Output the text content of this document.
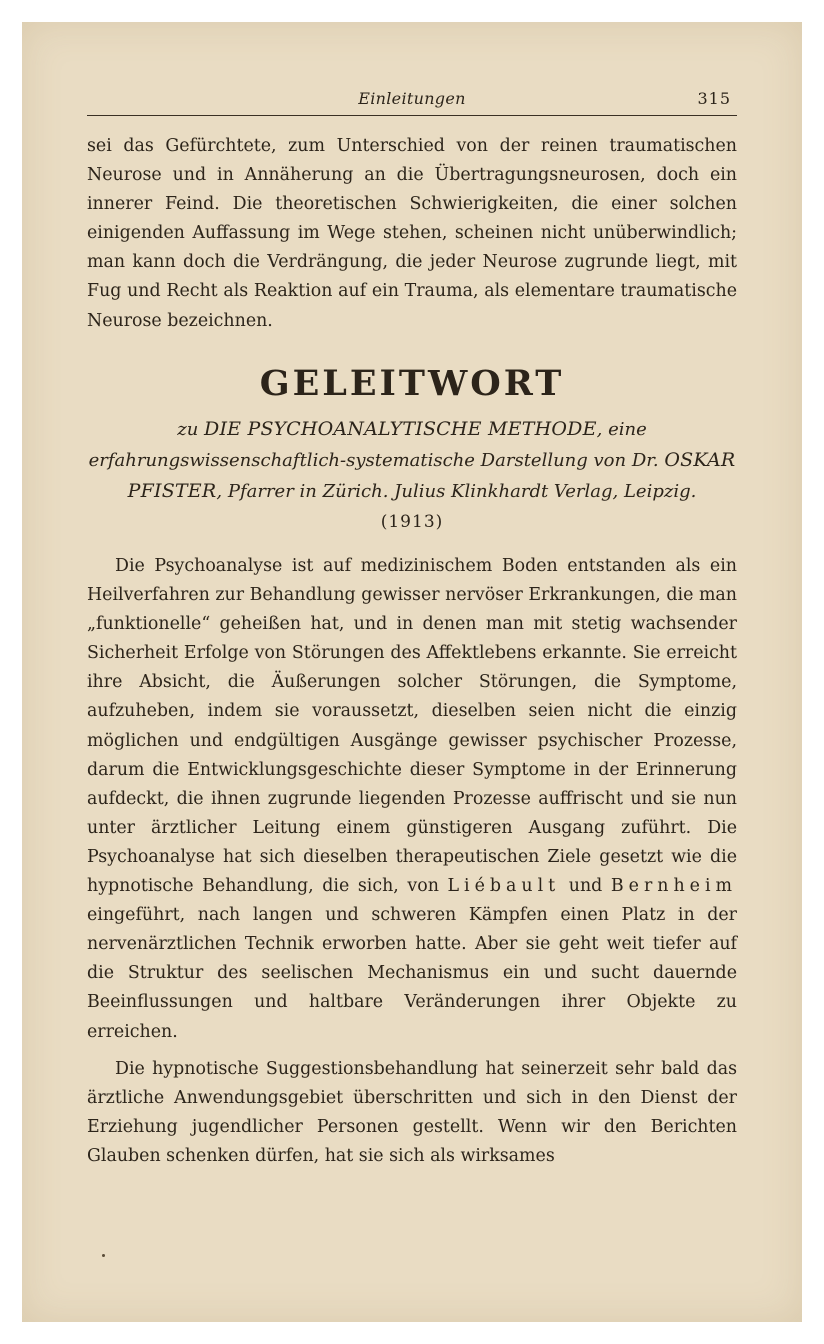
Einleitungen	315

sei das Gefürchtete, zum Unterschied von der reinen traumatischen Neurose und in Annäherung an die Übertragungsneurosen, doch ein innerer Feind. Die theoretischen Schwierigkeiten, die einer solchen einigenden Auffassung im Wege stehen, scheinen nicht unüberwindlich; man kann doch die Verdrängung, die jeder Neurose zugrunde liegt, mit Fug und Recht als Reaktion auf ein Trauma, als elementare traumatische Neurose bezeichnen.

GELEITWORT

zu DIE PSYCHOANALYTISCHE METHODE, eine erfahrungswissenschaftlich-systematische Darstellung von Dr. OSKAR PFISTER, Pfarrer in Zürich. Julius Klinkhardt Verlag, Leipzig.

(1913)

Die Psychoanalyse ist auf medizinischem Boden entstanden als ein Heilverfahren zur Behandlung gewisser nervöser Erkrankungen, die man „funktionelle“ geheißen hat, und in denen man mit stetig wachsender Sicherheit Erfolge von Störungen des Affektlebens erkannte. Sie erreicht ihre Absicht, die Äußerungen solcher Störungen, die Symptome, aufzuheben, indem sie voraussetzt, dieselben seien nicht die einzig möglichen und endgültigen Ausgänge gewisser psychischer Prozesse, darum die Entwicklungsgeschichte dieser Symptome in der Erinnerung aufdeckt, die ihnen zugrunde liegenden Prozesse auffrischt und sie nun unter ärztlicher Leitung einem günstigeren Ausgang zuführt. Die Psychoanalyse hat sich dieselben therapeutischen Ziele gesetzt wie die hypnotische Behandlung, die sich, von Liébault und Bernheim eingeführt, nach langen und schweren Kämpfen einen Platz in der nervenärztlichen Technik erworben hatte. Aber sie geht weit tiefer auf die Struktur des seelischen Mechanismus ein und sucht dauernde Beeinflussungen und haltbare Veränderungen ihrer Objekte zu erreichen.

Die hypnotische Suggestionsbehandlung hat seinerzeit sehr bald das ärztliche Anwendungsgebiet überschritten und sich in den Dienst der Erziehung jugendlicher Personen gestellt. Wenn wir den Berichten Glauben schenken dürfen, hat sie sich als wirksames
